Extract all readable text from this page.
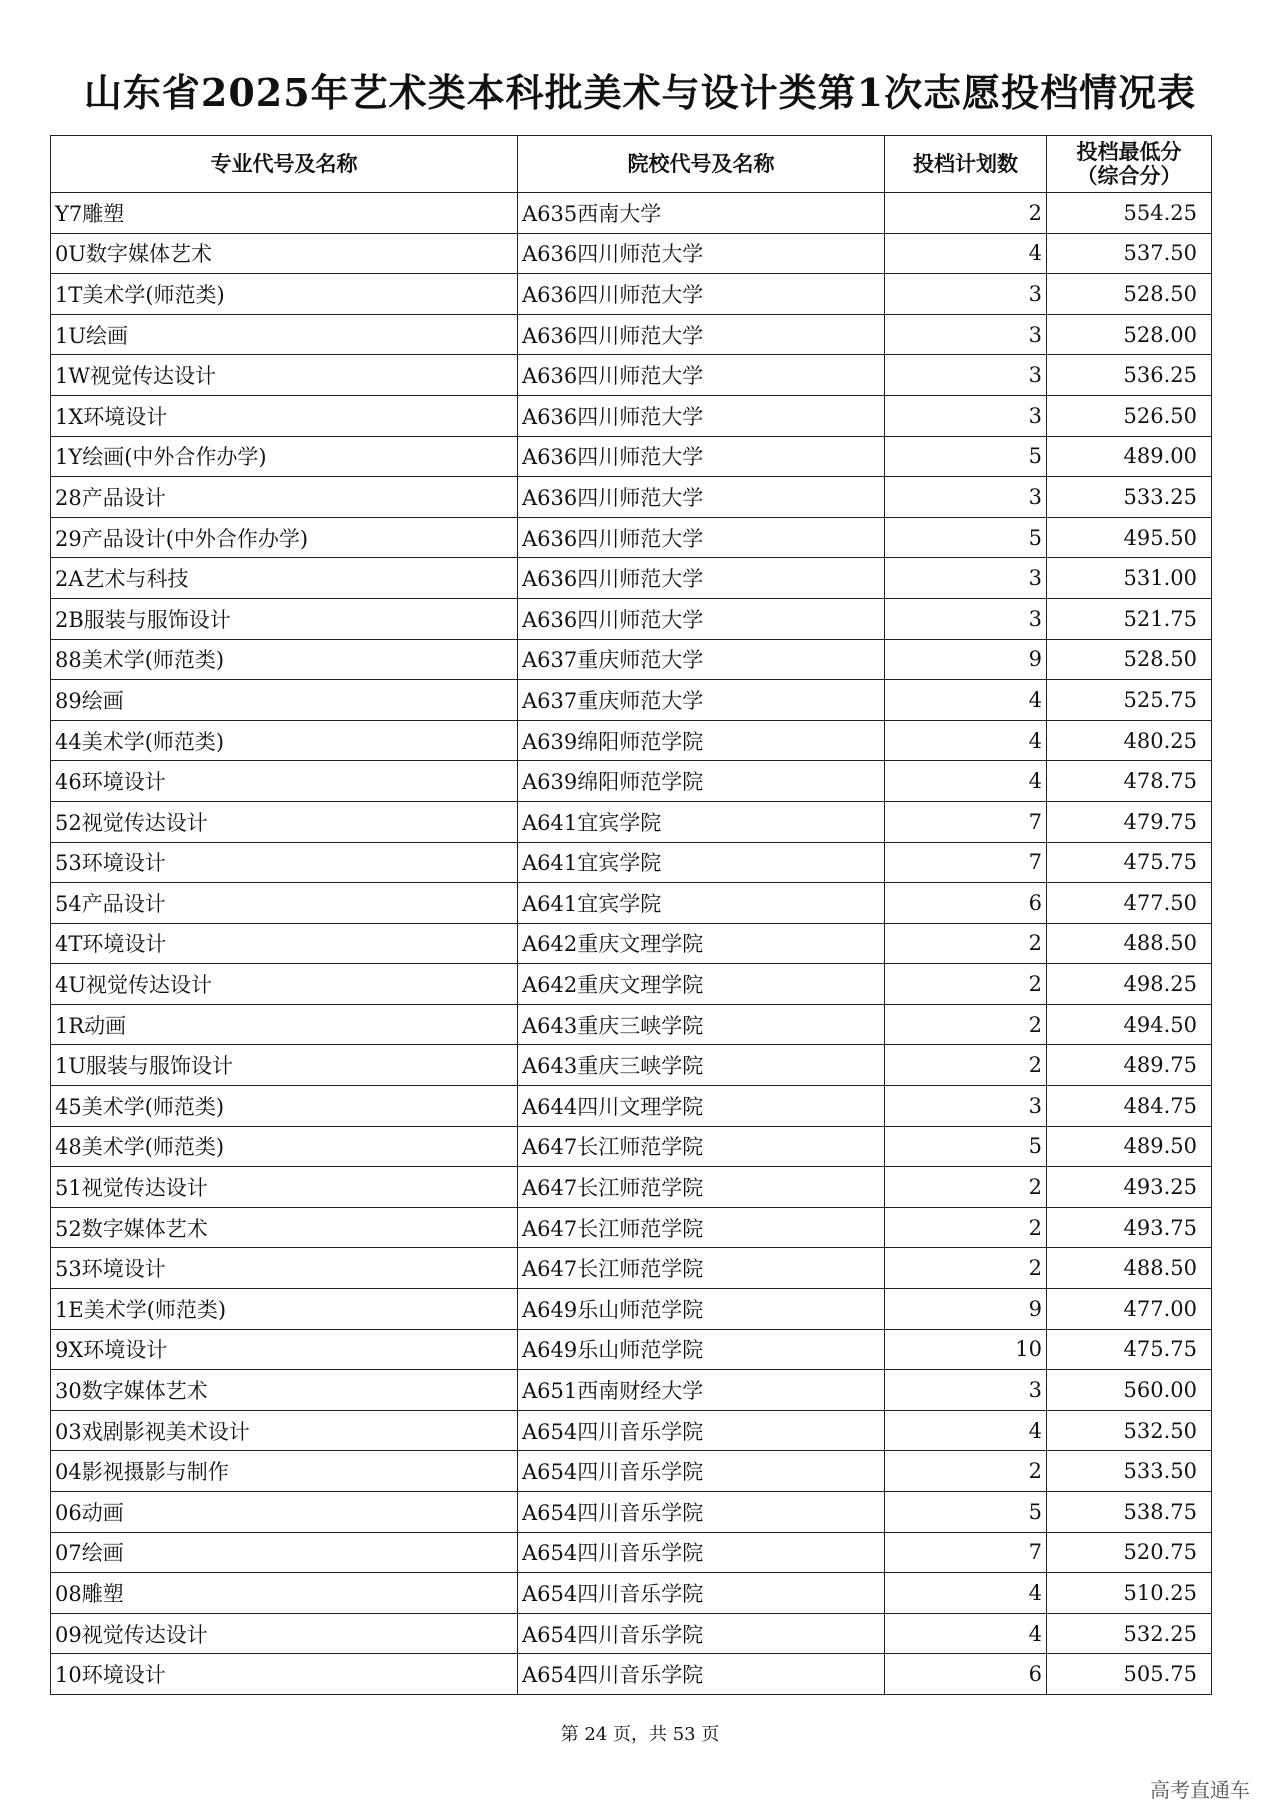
山东省2025年艺术类本科批美术与设计类第1次志愿投档情况表
专业代号及名称	院校代号及名称	投档计划数	投档最低分
（综合分）

Y7雕塑	A635西南大学	2	554.25
0U数字媒体艺术	A636四川师范大学	4	537.50
1T美术学(师范类)	A636四川师范大学	3	528.50
1U绘画	A636四川师范大学	3	528.00
1W视觉传达设计	A636四川师范大学	3	536.25
1X环境设计	A636四川师范大学	3	526.50
1Y绘画(中外合作办学)	A636四川师范大学	5	489.00
28产品设计	A636四川师范大学	3	533.25
29产品设计(中外合作办学)	A636四川师范大学	5	495.50
2A艺术与科技	A636四川师范大学	3	531.00
2B服装与服饰设计	A636四川师范大学	3	521.75
88美术学(师范类)	A637重庆师范大学	9	528.50
89绘画	A637重庆师范大学	4	525.75
44美术学(师范类)	A639绵阳师范学院	4	480.25
46环境设计	A639绵阳师范学院	4	478.75
52视觉传达设计	A641宜宾学院	7	479.75
53环境设计	A641宜宾学院	7	475.75
54产品设计	A641宜宾学院	6	477.50
4T环境设计	A642重庆文理学院	2	488.50
4U视觉传达设计	A642重庆文理学院	2	498.25
1R动画	A643重庆三峡学院	2	494.50
1U服装与服饰设计	A643重庆三峡学院	2	489.75
45美术学(师范类)	A644四川文理学院	3	484.75
48美术学(师范类)	A647长江师范学院	5	489.50
51视觉传达设计	A647长江师范学院	2	493.25
52数字媒体艺术	A647长江师范学院	2	493.75
53环境设计	A647长江师范学院	2	488.50
1E美术学(师范类)	A649乐山师范学院	9	477.00
9X环境设计	A649乐山师范学院	10	475.75
30数字媒体艺术	A651西南财经大学	3	560.00
03戏剧影视美术设计	A654四川音乐学院	4	532.50
04影视摄影与制作	A654四川音乐学院	2	533.50
06动画	A654四川音乐学院	5	538.75
07绘画	A654四川音乐学院	7	520.75
08雕塑	A654四川音乐学院	4	510.25
09视觉传达设计	A654四川音乐学院	4	532.25
10环境设计	A654四川音乐学院	6	505.75
第 24 页，共 53 页
高考直通车
